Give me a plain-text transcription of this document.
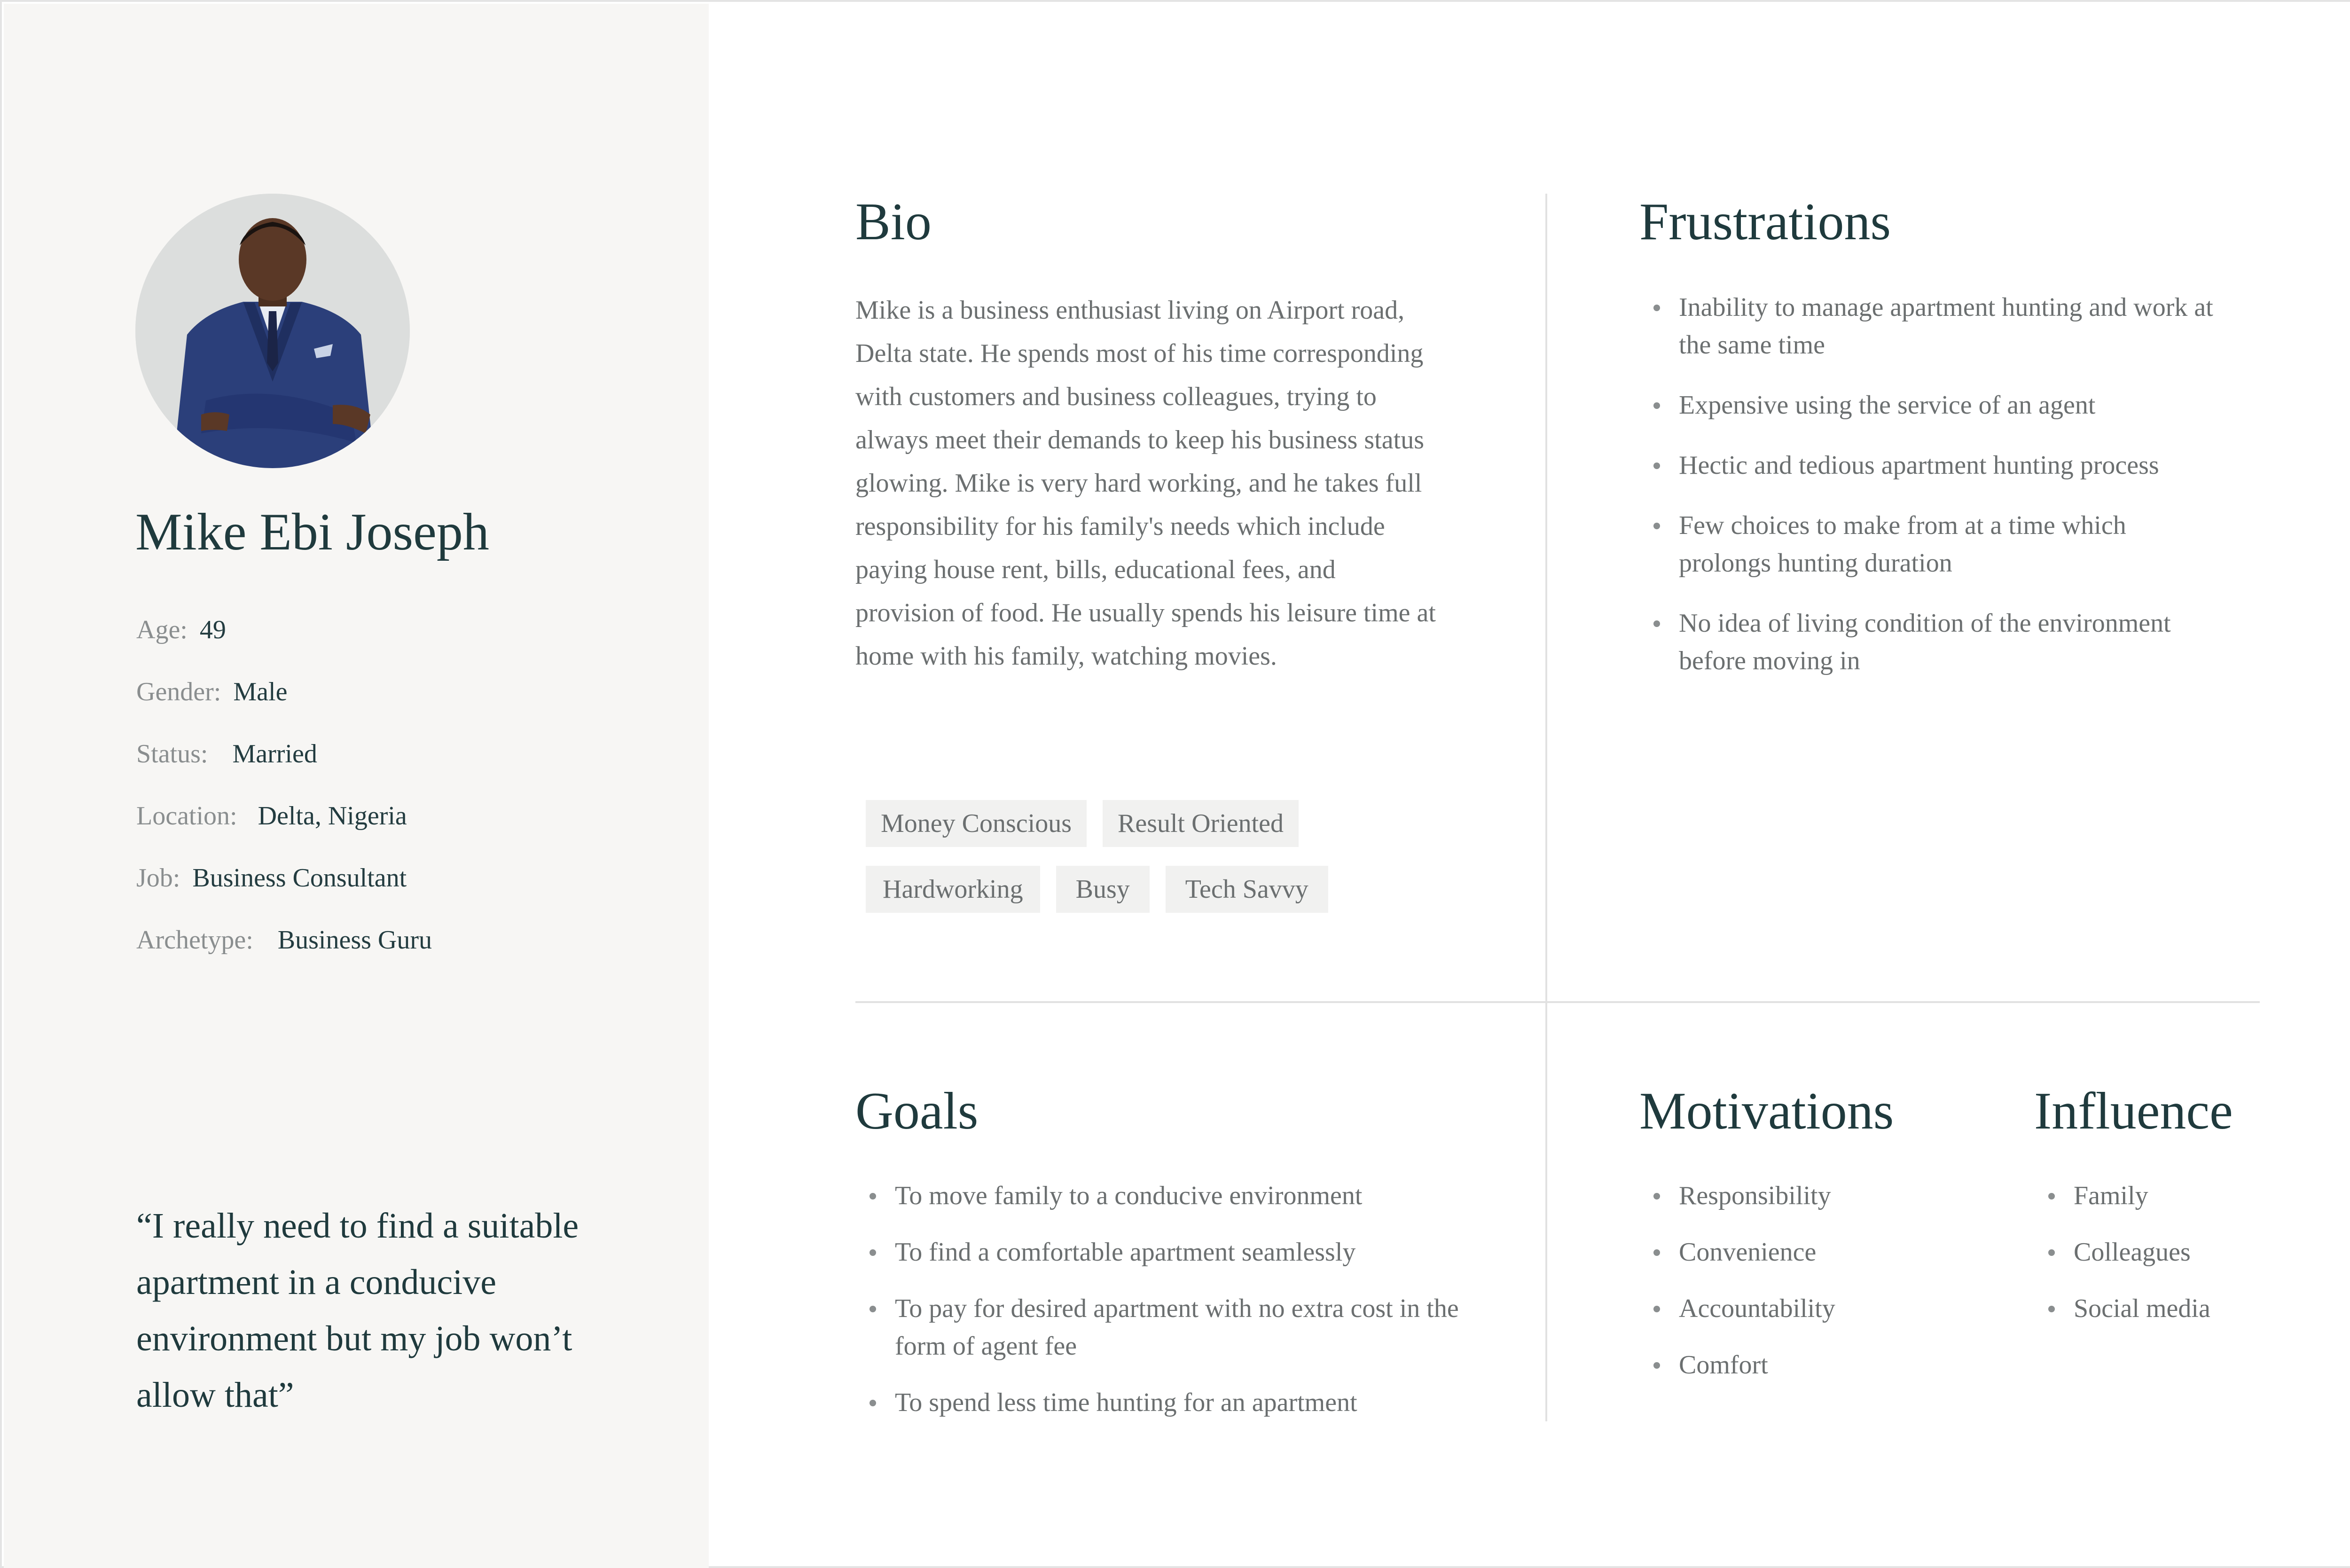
Mike Ebi Joseph
Age: 49
Gender: Male
Status: Married
Location: Delta, Nigeria
Job: Business Consultant
Archetype: Business Guru

“I really need to find a suitable apartment in a conducive environment but my job won’t allow that”

Bio

Mike is a business enthusiast living on Airport road, Delta state. He spends most of his time corresponding with customers and business colleagues, trying to always meet their demands to keep his business status glowing. Mike is very hard working, and he takes full responsibility for his family's needs which include paying house rent, bills, educational fees, and provision of food. He usually spends his leisure time at home with his family, watching movies.

Money Conscious	Result Oriented
Hardworking	Busy	Tech Savvy
Frustrations
Inability to manage apartment hunting and work at the same time
Expensive using the service of an agent
Hectic and tedious apartment hunting process
Few choices to make from at a time which prolongs hunting duration
No idea of living condition of the environment before moving in
Goals
To move family to a conducive environment
To find a comfortable apartment seamlessly
To pay for desired apartment with no extra cost in the form of agent fee
To spend less time hunting for an apartment
Motivations
Responsibility
Convenience
Accountability
Comfort
Influence
Family
Colleagues
Social media
